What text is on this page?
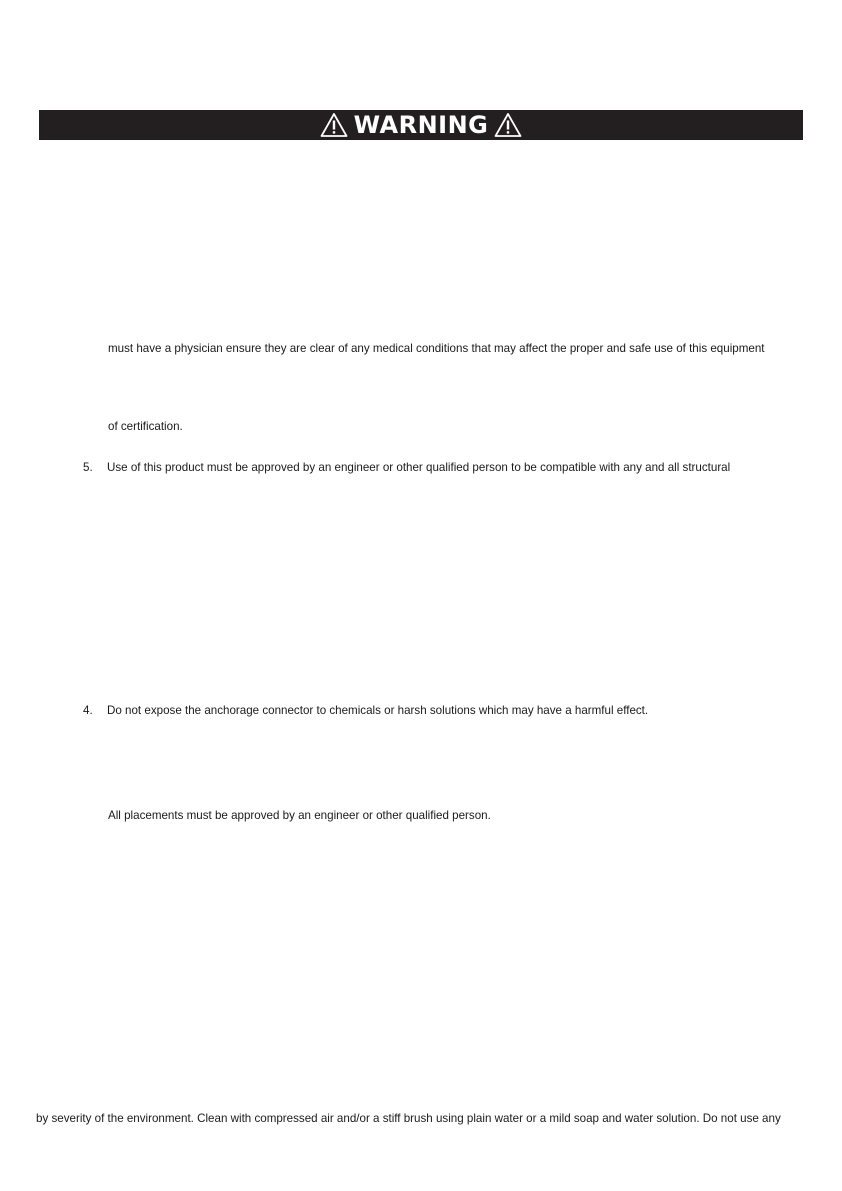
WARNING
must have a physician ensure they are clear of any medical conditions that may affect the proper and safe use of this equipment
of certification.
5. Use of this product must be approved by an engineer or other qualified person to be compatible with any and all structural
4. Do not expose the anchorage connector to chemicals or harsh solutions which may have a harmful effect.
All placements must be approved by an engineer or other qualified person.
by severity of the environment. Clean with compressed air and/or a stiff brush using plain water or a mild soap and water solution. Do not use any
